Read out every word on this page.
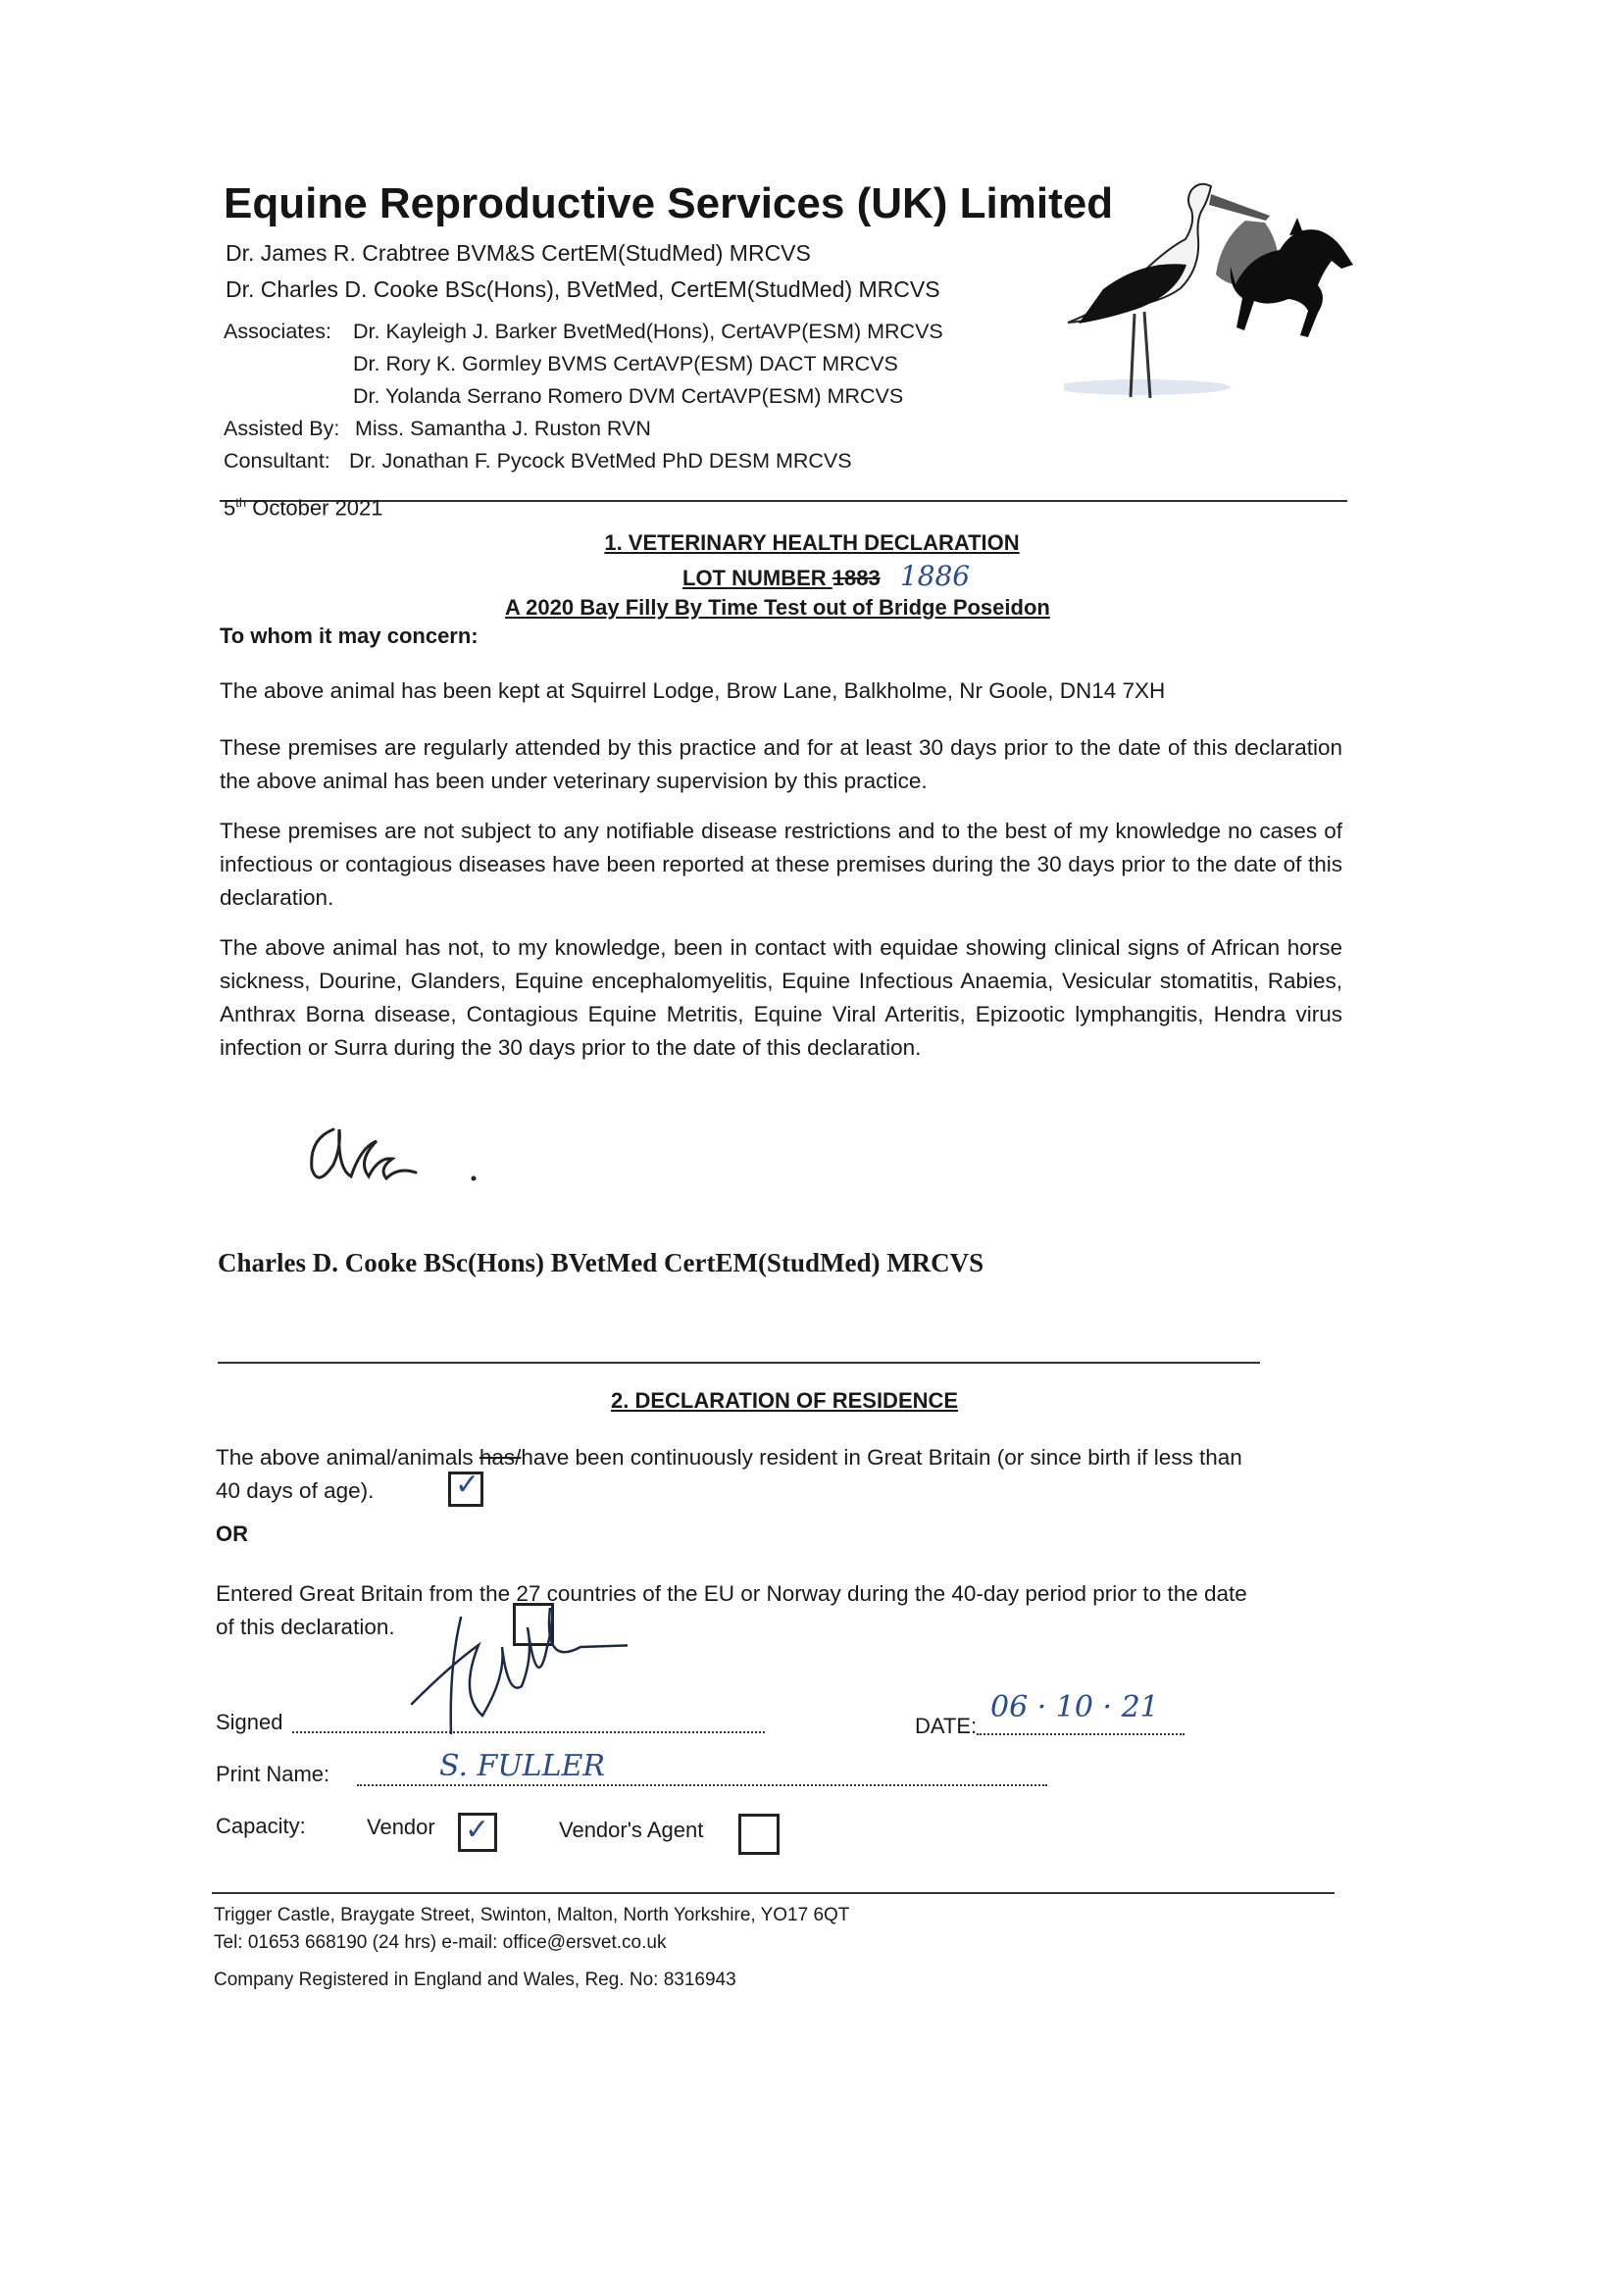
Equine Reproductive Services (UK) Limited
Dr. James R. Crabtree BVM&S CertEM(StudMed) MRCVS
Dr. Charles D. Cooke BSc(Hons), BVetMed, CertEM(StudMed) MRCVS
Associates:	Dr. Kayleigh J. Barker BvetMed(Hons), CertAVP(ESM) MRCVS
Dr. Rory K. Gormley BVMS CertAVP(ESM) DACT MRCVS
Dr. Yolanda Serrano Romero DVM CertAVP(ESM) MRCVS
Assisted By: Miss. Samantha J. Ruston RVN
Consultant: Dr. Jonathan F. Pycock BVetMed PhD DESM MRCVS
5th October 2021
1. VETERINARY HEALTH DECLARATION
LOT NUMBER 1883 1886
A 2020 Bay Filly By Time Test out of Bridge Poseidon
To whom it may concern:
The above animal has been kept at Squirrel Lodge, Brow Lane, Balkholme, Nr Goole, DN14 7XH
These premises are regularly attended by this practice and for at least 30 days prior to the date of this declaration the above animal has been under veterinary supervision by this practice.
These premises are not subject to any notifiable disease restrictions and to the best of my knowledge no cases of infectious or contagious diseases have been reported at these premises during the 30 days prior to the date of this declaration.
The above animal has not, to my knowledge, been in contact with equidae showing clinical signs of African horse sickness, Dourine, Glanders, Equine encephalomyelitis, Equine Infectious Anaemia, Vesicular stomatitis, Rabies, Anthrax Borna disease, Contagious Equine Metritis, Equine Viral Arteritis, Epizootic lymphangitis, Hendra virus infection or Surra during the 30 days prior to the date of this declaration.
Charles D. Cooke BSc(Hons) BVetMed CertEM(StudMed) MRCVS
2. DECLARATION OF RESIDENCE
The above animal/animals has/have been continuously resident in Great Britain (or since birth if less than
40 days of age).	✓
OR
Entered Great Britain from the 27 countries of the EU or Norway during the 40-day period prior to the date
of this declaration.
Signed	DATE:
06 · 10 · 21
Print Name:	S. FULLER
Capacity:	Vendor ✓	Vendor's Agent
Trigger Castle, Braygate Street, Swinton, Malton, North Yorkshire, YO17 6QT
Tel: 01653 668190 (24 hrs) e-mail: office@ersvet.co.uk
Company Registered in England and Wales, Reg. No: 8316943
